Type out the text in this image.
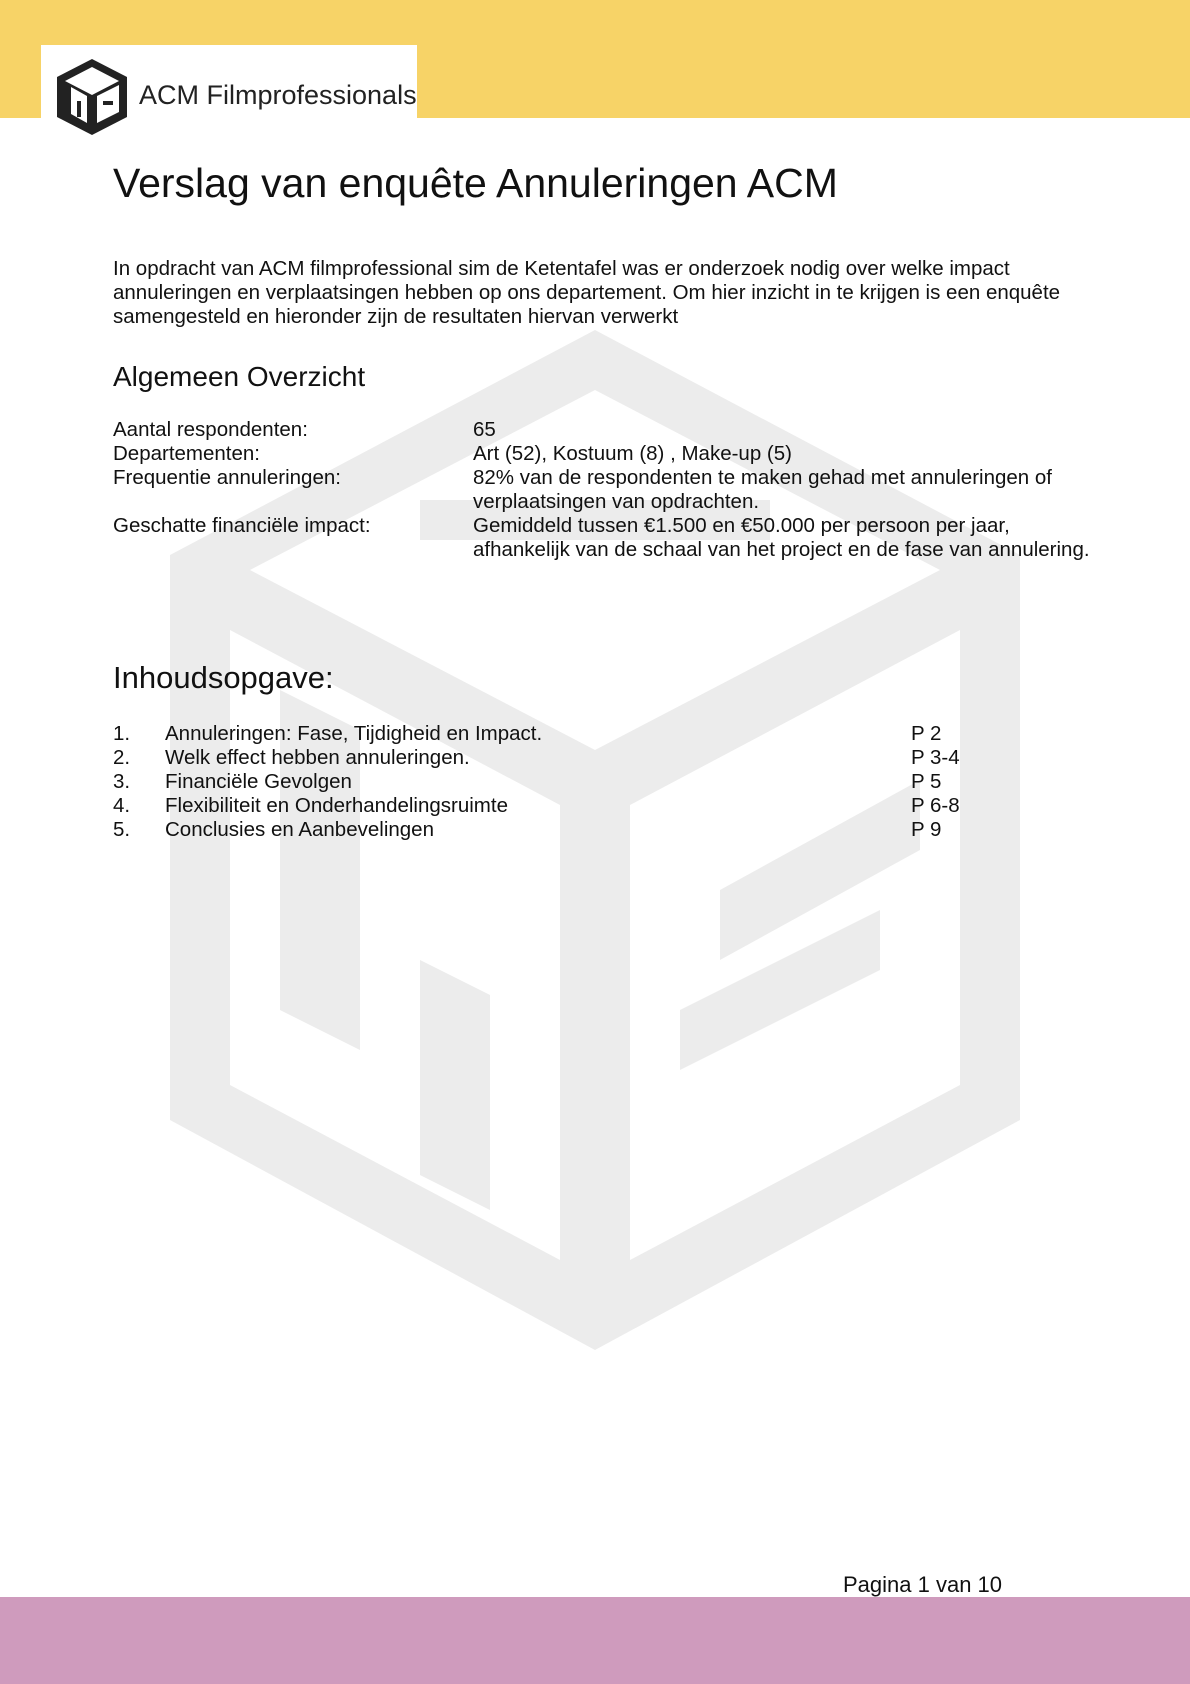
ACM Filmprofessionals
Verslag van enquête Annuleringen ACM

In opdracht van ACM filmprofessional sim de Ketentafel was er onderzoek nodig over welke impact annuleringen en verplaatsingen hebben op ons departement. Om hier inzicht in te krijgen is een enquête samengesteld en hieronder zijn de resultaten hiervan verwerkt

Algemeen Overzicht
Aantal respondenten:	65
Departementen:	Art (52), Kostuum (8) , Make-up (5)
Frequentie annuleringen:	82% van de respondenten te maken gehad met annuleringen of verplaatsingen van opdrachten.
Geschatte financiële impact:	Gemiddeld tussen €1.500 en €50.000 per persoon per jaar, afhankelijk van de schaal van het project en de fase van annulering.
Inhoudsopgave:
1.	Annuleringen: Fase, Tijdigheid en Impact.	P 2
2.	Welk effect hebben annuleringen.	P 3-4
3.	Financiële Gevolgen	P 5
4.	Flexibiliteit en Onderhandelingsruimte	P 6-8
5.	Conclusies en Aanbevelingen	P 9
Pagina 1 van 10
